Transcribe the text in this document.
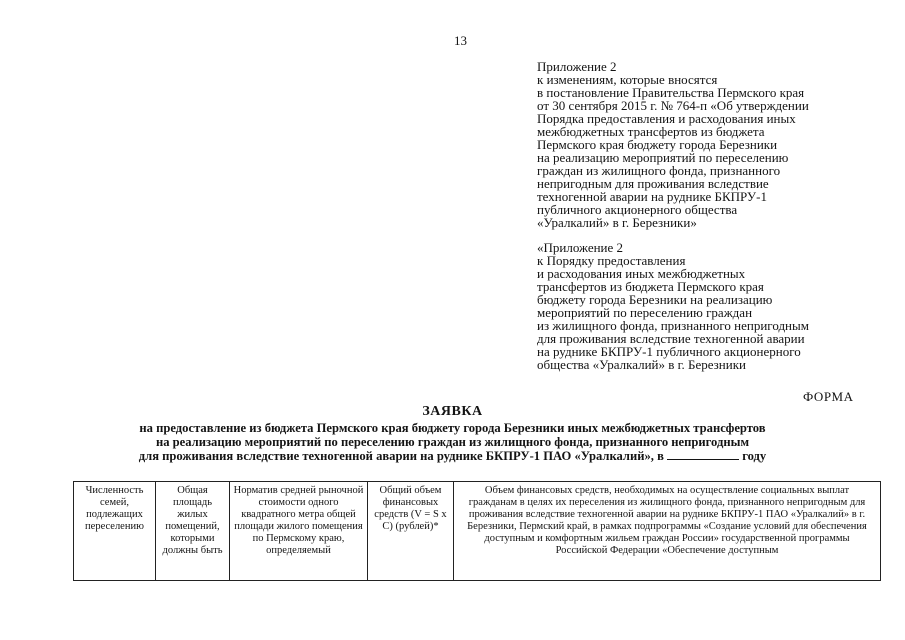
13
Приложение 2
к изменениям, которые вносятся
в постановление Правительства Пермского края
от 30 сентября 2015 г. № 764-п «Об утверждении
Порядка предоставления и расходования иных
межбюджетных трансфертов из бюджета
Пермского края бюджету города Березники
на реализацию мероприятий по переселению
граждан из жилищного фонда, признанного
непригодным для проживания вследствие
техногенной аварии на руднике БКПРУ-1
публичного акционерного общества
«Уралкалий» в г. Березники»
«Приложение 2
к Порядку предоставления
и расходования иных межбюджетных
трансфертов из бюджета Пермского края
бюджету города Березники на реализацию
мероприятий по переселению граждан
из жилищного фонда, признанного непригодным
для проживания вследствие техногенной аварии
на руднике БКПРУ-1 публичного акционерного
общества «Уралкалий» в г. Березники
ФОРМА
ЗАЯВКА
на предоставление из бюджета Пермского края бюджету города Березники иных межбюджетных трансфертов
на реализацию мероприятий по переселению граждан из жилищного фонда, признанного непригодным
для проживания вследствие техногенной аварии на руднике БКПРУ-1 ПАО «Уралкалий», в	году
Численность семей, подлежащих переселению	Общая площадь жилых помещений, которыми должны быть	Норматив средней рыночной стоимости одного квадратного метра общей площади жилого помещения по Пермскому краю, определяемый	Общий объем финансовых средств (V = S x C) (рублей)*	Объем финансовых средств, необходимых на осуществление социальных выплат гражданам в целях их переселения из жилищного фонда, признанного непригодным для проживания вследствие техногенной аварии на руднике БКПРУ-1 ПАО «Уралкалий» в г. Березники, Пермский край, в рамках подпрограммы «Создание условий для обеспечения доступным и комфортным жильем граждан России» государственной программы Российской Федерации «Обеспечение доступным
